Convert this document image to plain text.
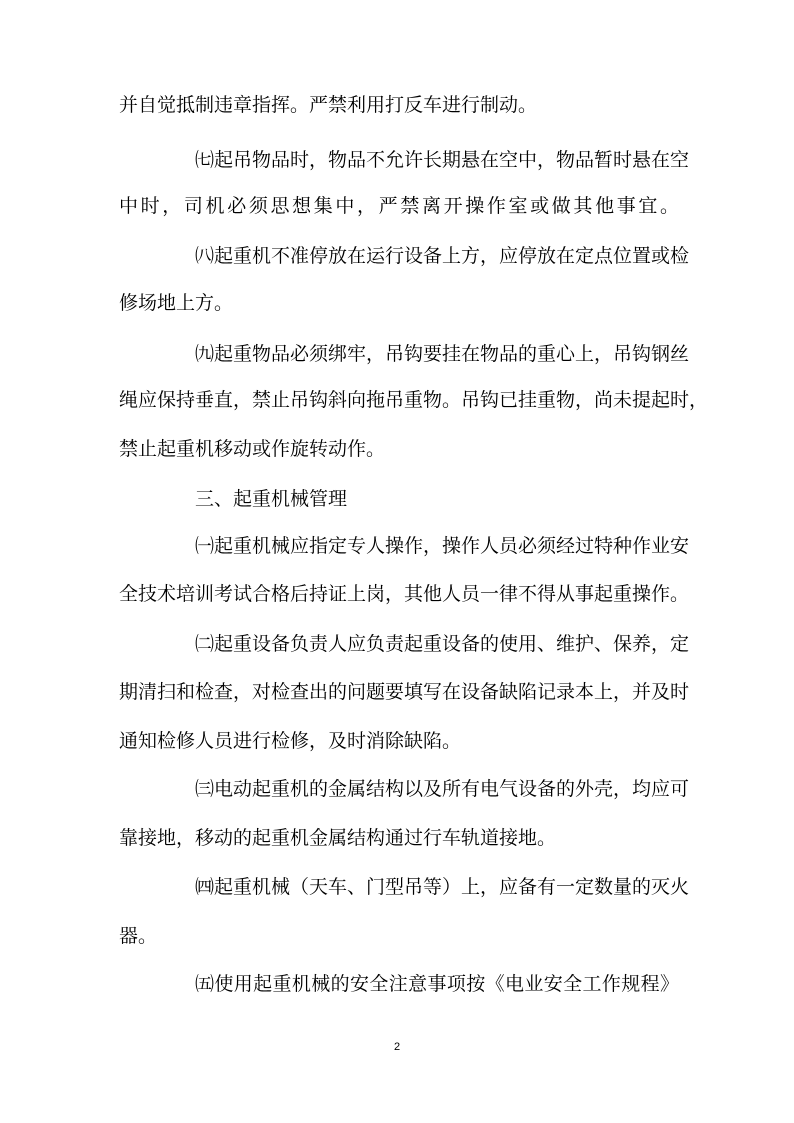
并自觉抵制违章指挥。严禁利用打反车进行制动。
㈦起吊物品时，物品不允许长期悬在空中，物品暂时悬在空
中时，司机必须思想集中，严禁离开操作室或做其他事宜。
㈧起重机不准停放在运行设备上方，应停放在定点位置或检
修场地上方。
㈨起重物品必须绑牢，吊钩要挂在物品的重心上，吊钩钢丝
绳应保持垂直，禁止吊钩斜向拖吊重物。吊钩已挂重物，尚未提起时，
禁止起重机移动或作旋转动作。
三、起重机械管理
㈠起重机械应指定专人操作，操作人员必须经过特种作业安
全技术培训考试合格后持证上岗，其他人员一律不得从事起重操作。
㈡起重设备负责人应负责起重设备的使用、维护、保养，定
期清扫和检查，对检查出的问题要填写在设备缺陷记录本上，并及时
通知检修人员进行检修，及时消除缺陷。
㈢电动起重机的金属结构以及所有电气设备的外壳，均应可
靠接地，移动的起重机金属结构通过行车轨道接地。
㈣起重机械（天车、门型吊等）上，应备有一定数量的灭火
器。
㈤使用起重机械的安全注意事项按《电业安全工作规程》
2
